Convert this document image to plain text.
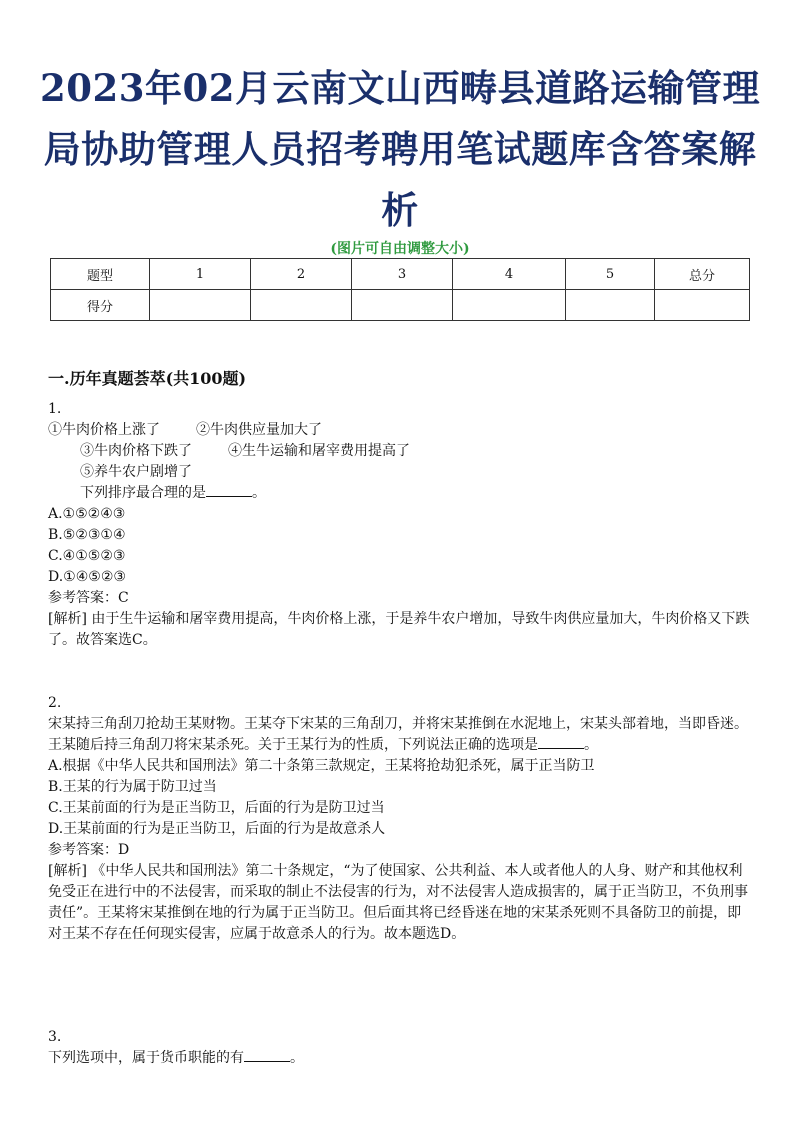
2023年02月云南文山西畴县道路运输管理局协助管理人员招考聘用笔试题库含答案解析
(图片可自由调整大小)
题型	1	2	3	4	5	总分
得分						
一.历年真题荟萃(共100题)

1.

①牛肉价格上涨了	②牛肉供应量加大了

③牛肉价格下跌了	④生牛运输和屠宰费用提高了

⑤养牛农户剧增了

下列排序最合理的是	。

A.①⑤②④③

B.⑤②③①④

C.④①⑤②③

D.①④⑤②③

参考答案：C

[解析] 由于生牛运输和屠宰费用提高，牛肉价格上涨，于是养牛农户增加，导致牛肉供应量加大，牛肉价格又下跌了。故答案选C。

2.

宋某持三角刮刀抢劫王某财物。王某夺下宋某的三角刮刀，并将宋某推倒在水泥地上，宋某头部着地，当即昏迷。王某随后持三角刮刀将宋某杀死。关于王某行为的性质，下列说法正确的选项是	。

A.根据《中华人民共和国刑法》第二十条第三款规定，王某将抢劫犯杀死，属于正当防卫

B.王某的行为属于防卫过当

C.王某前面的行为是正当防卫，后面的行为是防卫过当

D.王某前面的行为是正当防卫，后面的行为是故意杀人

参考答案：D

[解析] 《中华人民共和国刑法》第二十条规定，“为了使国家、公共利益、本人或者他人的人身、财产和其他权利免受正在进行中的不法侵害，而采取的制止不法侵害的行为，对不法侵害人造成损害的，属于正当防卫，不负刑事责任”。王某将宋某推倒在地的行为属于正当防卫。但后面其将已经昏迷在地的宋某杀死则不具备防卫的前提，即对王某不存在任何现实侵害，应属于故意杀人的行为。故本题选D。

3.

下列选项中，属于货币职能的有	。
